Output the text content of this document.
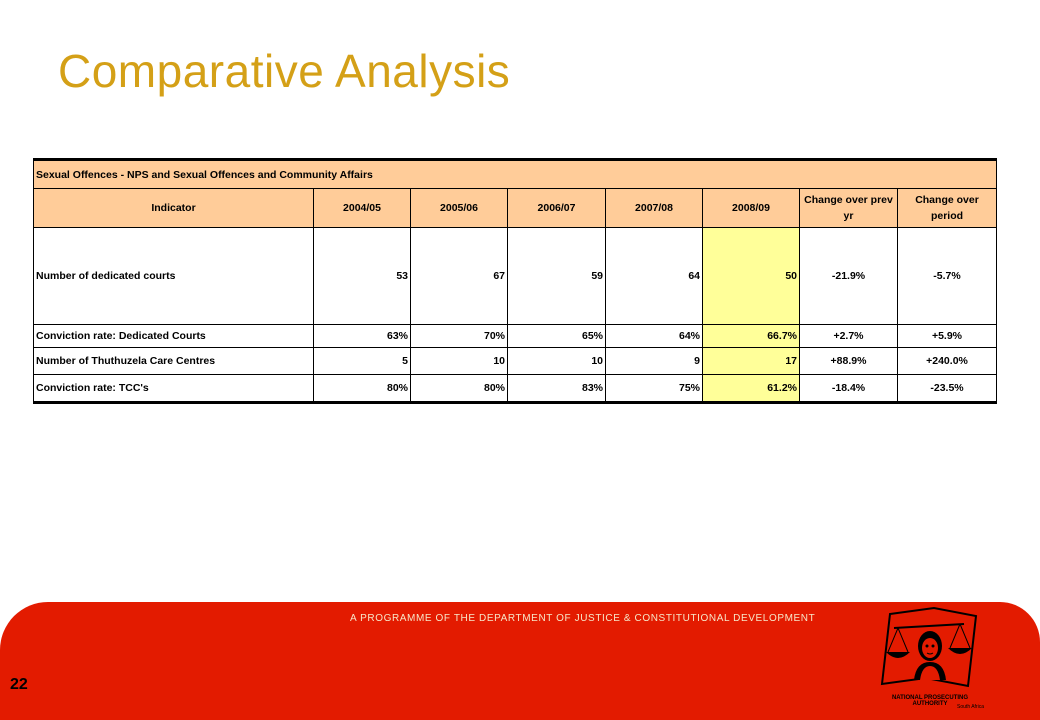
Comparative Analysis
Sexual Offences - NPS and Sexual Offences and Community Affairs							
Indicator	2004/05	2005/06	2006/07	2007/08	2008/09	Change over prev yr	Change over period
Number of dedicated courts	53	67	59	64	50	-21.9%	-5.7%
Conviction rate: Dedicated Courts	63%	70%	65%	64%	66.7%	+2.7%	+5.9%
Number of Thuthuzela Care Centres	5	10	10	9	17	+88.9%	+240.0%
Conviction rate: TCC's	80%	80%	83%	75%	61.2%	-18.4%	-23.5%
A PROGRAMME OF THE DEPARTMENT OF JUSTICE & CONSTITUTIONAL DEVELOPMENT
22
NATIONAL PROSECUTING AUTHORITY	South Africa
